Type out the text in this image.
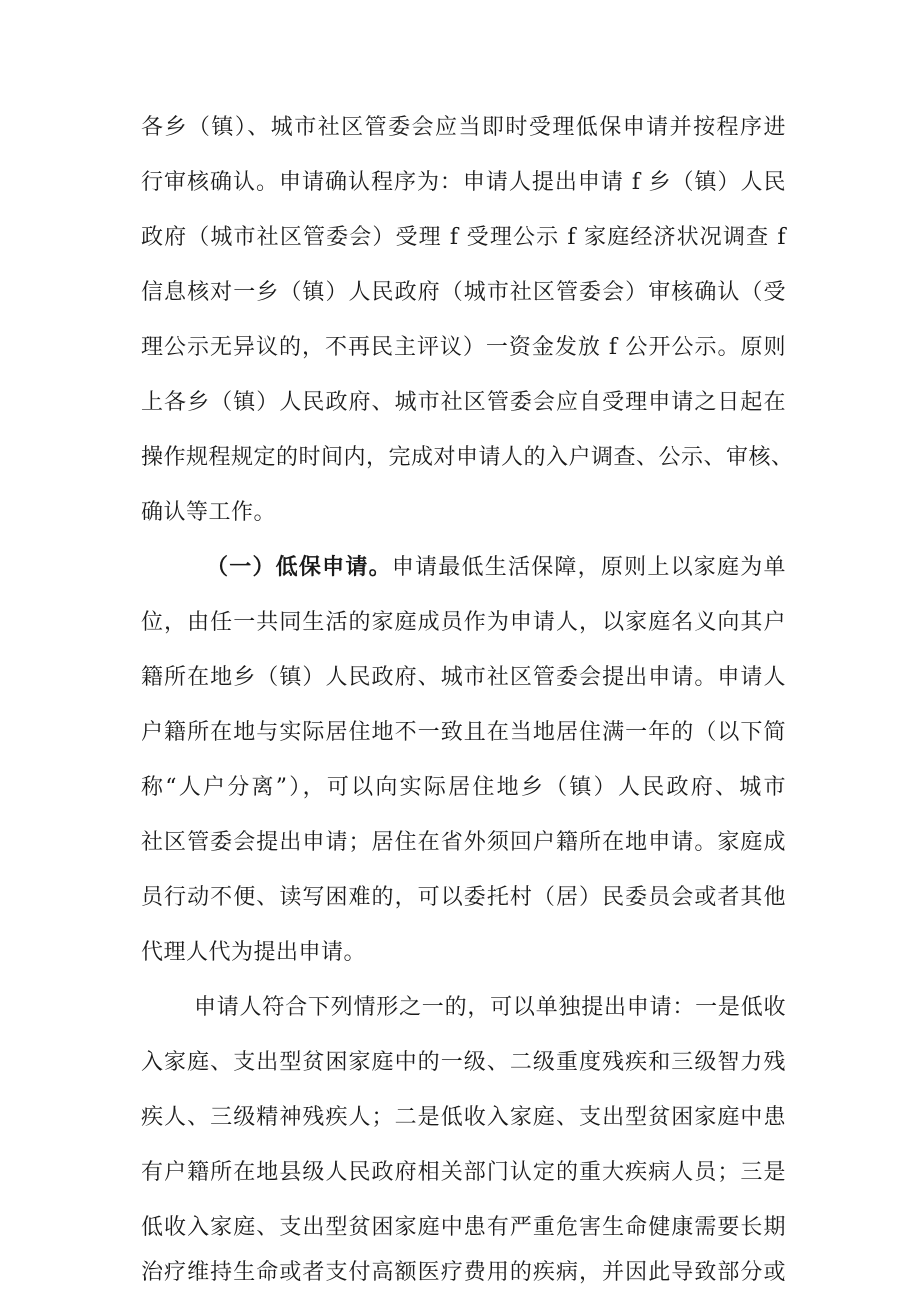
各乡（镇）、城市社区管委会应当即时受理低保申请并按程序进
行审核确认。申请确认程序为：申请人提出申请 f 乡（镇）人民
政府（城市社区管委会）受理 f 受理公示 f 家庭经济状况调查 f
信息核对一乡（镇）人民政府（城市社区管委会）审核确认（受
理公示无异议的，不再民主评议）一资金发放 f 公开公示。原则
上各乡（镇）人民政府、城市社区管委会应自受理申请之日起在
操作规程规定的时间内，完成对申请人的入户调查、公示、审核、
确认等工作。
（一）低保申请。申请最低生活保障，原则上以家庭为单
位，由任一共同生活的家庭成员作为申请人，以家庭名义向其户
籍所在地乡（镇）人民政府、城市社区管委会提出申请。申请人
户籍所在地与实际居住地不一致且在当地居住满一年的（以下简
称“人户分离”），可以向实际居住地乡（镇）人民政府、城市
社区管委会提出申请；居住在省外须回户籍所在地申请。家庭成
员行动不便、读写困难的，可以委托村（居）民委员会或者其他
代理人代为提出申请。
申请人符合下列情形之一的，可以单独提出申请：一是低收
入家庭、支出型贫困家庭中的一级、二级重度残疾和三级智力残
疾人、三级精神残疾人；二是低收入家庭、支出型贫困家庭中患
有户籍所在地县级人民政府相关部门认定的重大疾病人员；三是
低收入家庭、支出型贫困家庭中患有严重危害生命健康需要长期
治疗维持生命或者支付高额医疗费用的疾病，并因此导致部分或
